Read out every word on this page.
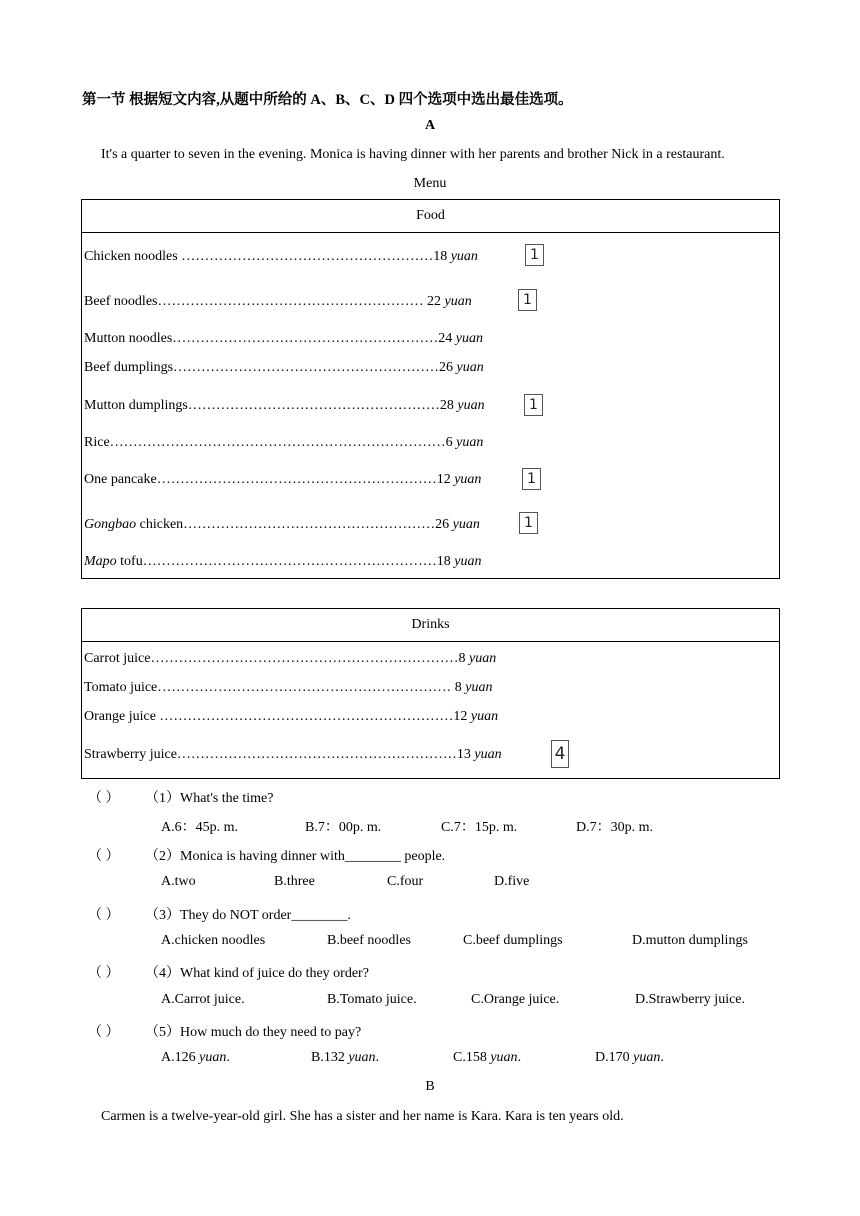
第一节 根据短文内容,从题中所给的 A、B、C、D 四个选项中选出最佳选项。
A
It's a quarter to seven in the evening. Monica is having dinner with her parents and brother Nick in a restaurant.
Menu
Food
Chicken noodles ………………………………………………18 yuan	1
Beef noodles………………………………………………… 22 yuan	1
Mutton noodles…………………………………………………24 yuan
Beef dumplings…………………………………………………26 yuan
Mutton dumplings………………………………………………28 yuan	1
Rice………………………………………………………………6 yuan
One pancake……………………………………………………12 yuan	1
Gongbao chicken………………………………………………26 yuan	1
Mapo tofu………………………………………………………18 yuan
Drinks
Carrot juice…………………………………………………………8 yuan
Tomato juice……………………………………………………… 8 yuan
Orange juice ………………………………………………………12 yuan
Strawberry juice……………………………………………………13 yuan	4
（ ） （1）What's the time?
A.6：45p. m.	B.7：00p. m.	C.7：15p. m.	D.7：30p. m.
（ ） （2）Monica is having dinner with________ people.
A.two	B.three	C.four	D.five
（ ） （3）They do NOT order________.
A.chicken noodles	B.beef noodles	C.beef dumplings	D.mutton dumplings
（ ） （4）What kind of juice do they order?
A.Carrot juice.	B.Tomato juice.	C.Orange juice.	D.Strawberry juice.
（ ） （5）How much do they need to pay?
A.126 yuan.	B.132 yuan.	C.158 yuan.	D.170 yuan.
B
Carmen is a twelve-year-old girl. She has a sister and her name is Kara. Kara is ten years old.
